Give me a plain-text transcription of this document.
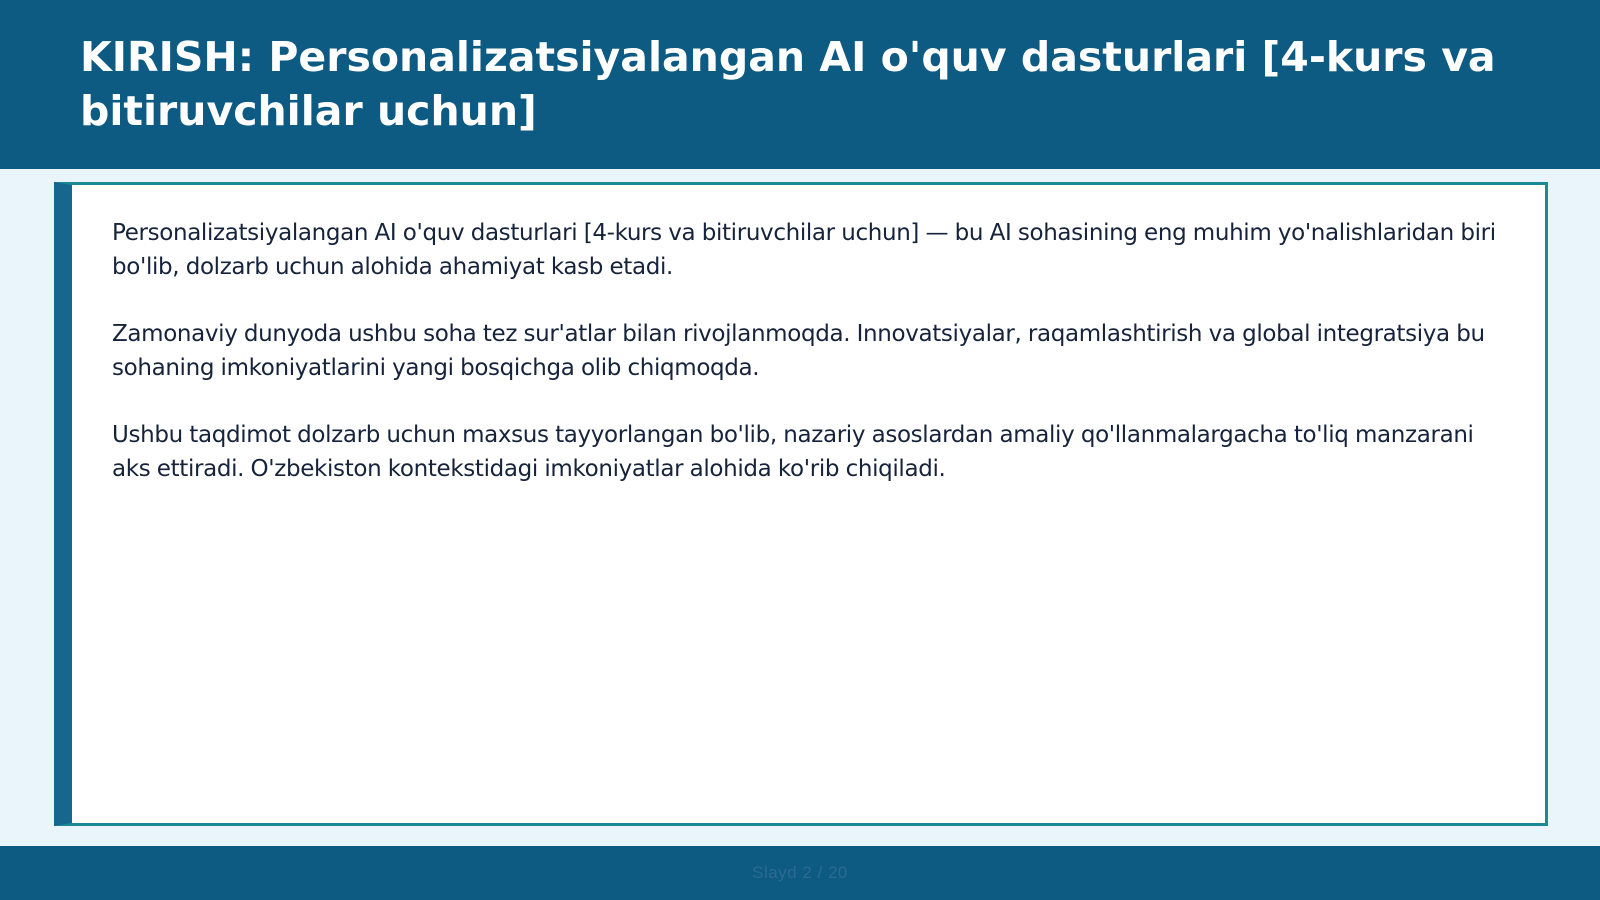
KIRISH: Personalizatsiyalangan AI o'quv dasturlari [4-kurs va bitiruvchilar uchun]

Personalizatsiyalangan AI o'quv dasturlari [4-kurs va bitiruvchilar uchun] — bu AI sohasining eng muhim yo'nalishlaridan biri bo'lib, dolzarb uchun alohida ahamiyat kasb etadi.

Zamonaviy dunyoda ushbu soha tez sur'atlar bilan rivojlanmoqda. Innovatsiyalar, raqamlashtirish va global integratsiya bu sohaning imkoniyatlarini yangi bosqichga olib chiqmoqda.

Ushbu taqdimot dolzarb uchun maxsus tayyorlangan bo'lib, nazariy asoslardan amaliy qo'llanmalargacha to'liq manzarani aks ettiradi. O'zbekiston kontekstidagi imkoniyatlar alohida ko'rib chiqiladi.

Slayd 2 / 20
